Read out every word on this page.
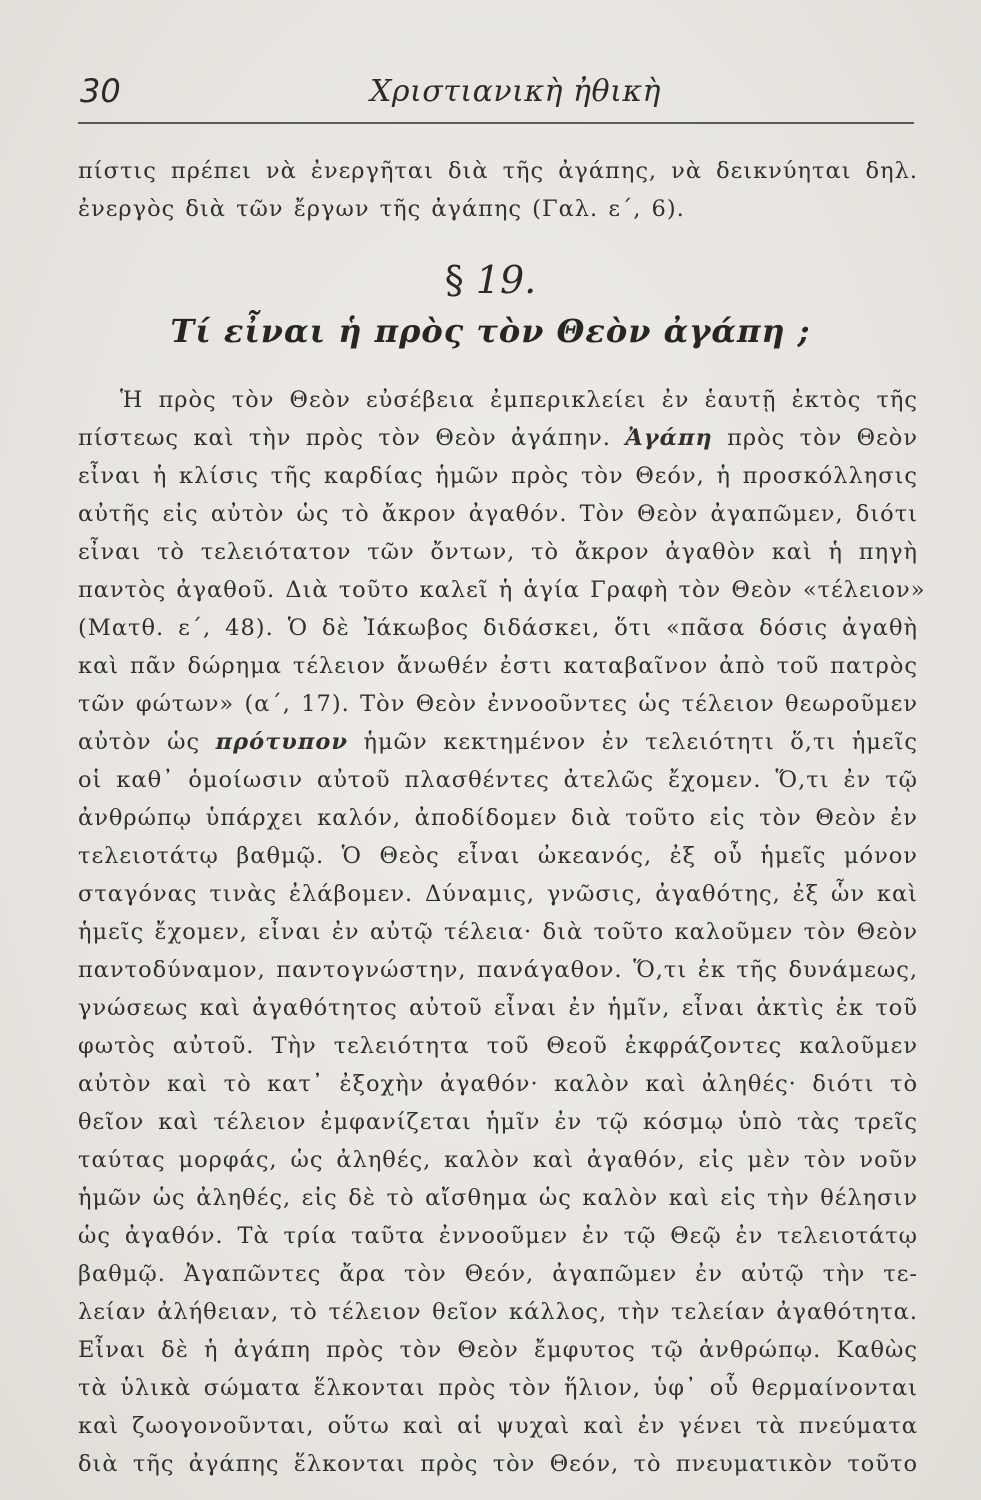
30	Χριστιανικὴ ἠθικὴ
πίστις πρέπει νὰ ἐνεργῆται διὰ τῆς ἀγάπης, νὰ δεικνύηται δηλ.
ἐνεργὸς διὰ τῶν ἔργων τῆς ἀγάπης (Γαλ. ε΄, 6).
§ 19.
Τί εἶναι ἡ πρὸς τὸν Θεὸν ἀγάπη ;
Ἡ πρὸς τὸν Θεὸν εὐσέβεια ἐμπερικλείει ἐν ἑαυτῇ ἐκτὸς τῆς
πίστεως καὶ τὴν πρὸς τὸν Θεὸν ἀγάπην. Ἀγάπη πρὸς τὸν Θεὸν
εἶναι ἡ κλίσις τῆς καρδίας ἡμῶν πρὸς τὸν Θεόν, ἡ προσκόλλησις
αὐτῆς εἰς αὐτὸν ὡς τὸ ἄκρον ἀγαθόν. Τὸν Θεὸν ἀγαπῶμεν, διότι
εἶναι τὸ τελειότατον τῶν ὄντων, τὸ ἄκρον ἀγαθὸν καὶ ἡ πηγὴ
παντὸς ἀγαθοῦ. Διὰ τοῦτο καλεῖ ἡ ἁγία Γραφὴ τὸν Θεὸν «τέλειον»
(Ματθ. ε΄, 48). Ὁ δὲ Ἰάκωβος διδάσκει, ὅτι «πᾶσα δόσις ἀγαθὴ
καὶ πᾶν δώρημα τέλειον ἄνωθέν ἐστι καταβαῖνον ἀπὸ τοῦ πατρὸς
τῶν φώτων» (α΄, 17). Τὸν Θεὸν ἐννοοῦντες ὡς τέλειον θεωροῦμεν
αὐτὸν ὡς πρότυπον ἡμῶν κεκτημένον ἐν τελειότητι ὅ,τι ἡμεῖς
οἱ καθ᾽ ὁμοίωσιν αὐτοῦ πλασθέντες ἀτελῶς ἔχομεν. Ὅ,τι ἐν τῷ
ἀνθρώπῳ ὑπάρχει καλόν, ἀποδίδομεν διὰ τοῦτο εἰς τὸν Θεὸν ἐν
τελειοτάτῳ βαθμῷ. Ὁ Θεὸς εἶναι ὠκεανός, ἐξ οὗ ἡμεῖς μόνον
σταγόνας τινὰς ἐλάβομεν. Δύναμις, γνῶσις, ἀγαθότης, ἐξ ὧν καὶ
ἡμεῖς ἔχομεν, εἶναι ἐν αὐτῷ τέλεια· διὰ τοῦτο καλοῦμεν τὸν Θεὸν
παντοδύναμον, παντογνώστην, πανάγαθον. Ὅ,τι ἐκ τῆς δυνάμεως,
γνώσεως καὶ ἀγαθότητος αὐτοῦ εἶναι ἐν ἡμῖν, εἶναι ἀκτὶς ἐκ τοῦ
φωτὸς αὐτοῦ. Τὴν τελειότητα τοῦ Θεοῦ ἐκφράζοντες καλοῦμεν
αὐτὸν καὶ τὸ κατ᾽ ἐξοχὴν ἀγαθόν· καλὸν καὶ ἀληθές· διότι τὸ
θεῖον καὶ τέλειον ἐμφανίζεται ἡμῖν ἐν τῷ κόσμῳ ὑπὸ τὰς τρεῖς
ταύτας μορφάς, ὡς ἀληθές, καλὸν καὶ ἀγαθόν, εἰς μὲν τὸν νοῦν
ἡμῶν ὡς ἀληθές, εἰς δὲ τὸ αἴσθημα ὡς καλὸν καὶ εἰς τὴν θέλησιν
ὡς ἀγαθόν. Τὰ τρία ταῦτα ἐννοοῦμεν ἐν τῷ Θεῷ ἐν τελειοτάτῳ
βαθμῷ. Ἀγαπῶντες ἄρα τὸν Θεόν, ἀγαπῶμεν ἐν αὐτῷ τὴν τε-
λείαν ἀλήθειαν, τὸ τέλειον θεῖον κάλλος, τὴν τελείαν ἀγαθότητα.
Εἶναι δὲ ἡ ἀγάπη πρὸς τὸν Θεὸν ἔμφυτος τῷ ἀνθρώπῳ. Καθὼς
τὰ ὑλικὰ σώματα ἕλκονται πρὸς τὸν ἥλιον, ὑφ᾽ οὗ θερμαίνονται
καὶ ζωογονοῦνται, οὕτω καὶ αἱ ψυχαὶ καὶ ἐν γένει τὰ πνεύματα
διὰ τῆς ἀγάπης ἕλκονται πρὸς τὸν Θεόν, τὸ πνευματικὸν τοῦτο
